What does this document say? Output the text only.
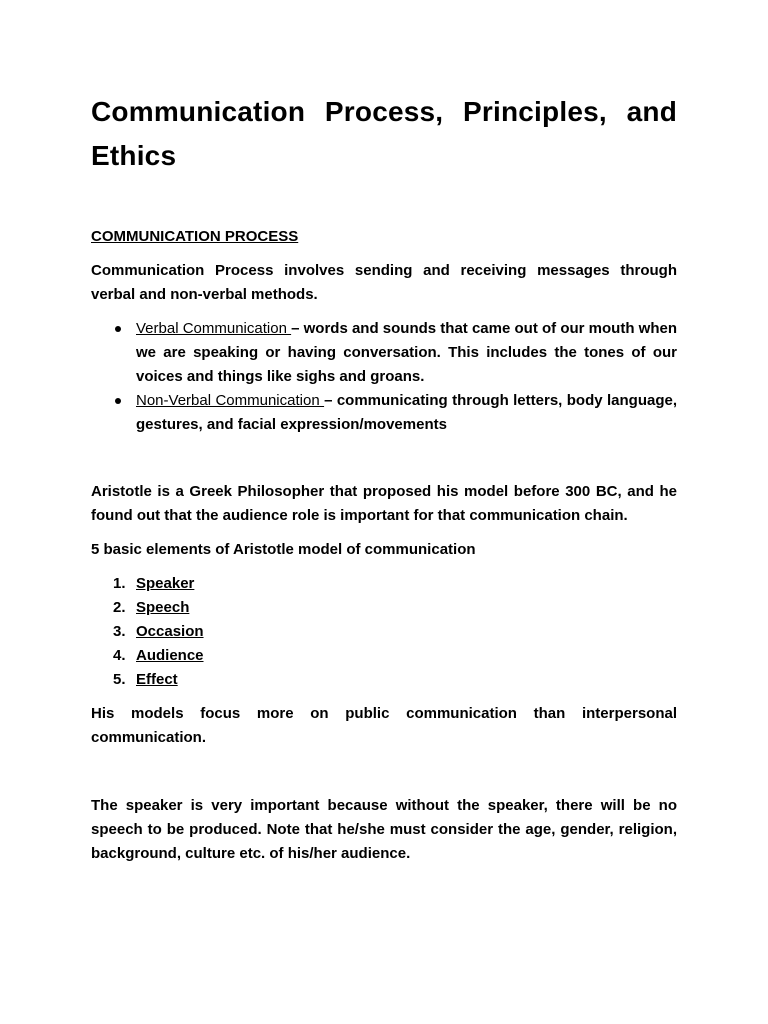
Communication Process, Principles, and Ethics
COMMUNICATION PROCESS

Communication Process involves sending and receiving messages through verbal and non-verbal methods.

Verbal Communication – words and sounds that came out of our mouth when we are speaking or having conversation. This includes the tones of our voices and things like sighs and groans.
Non-Verbal Communication – communicating through letters, body language, gestures, and facial expression/movements

Aristotle is a Greek Philosopher that proposed his model before 300 BC, and he found out that the audience role is important for that communication chain.

5 basic elements of Aristotle model of communication

1. Speaker
2. Speech
3. Occasion
4. Audience
5. Effect

His models focus more on public communication than interpersonal communication.

The speaker is very important because without the speaker, there will be no speech to be produced. Note that he/she must consider the age, gender, religion, background, culture etc. of his/her audience.
